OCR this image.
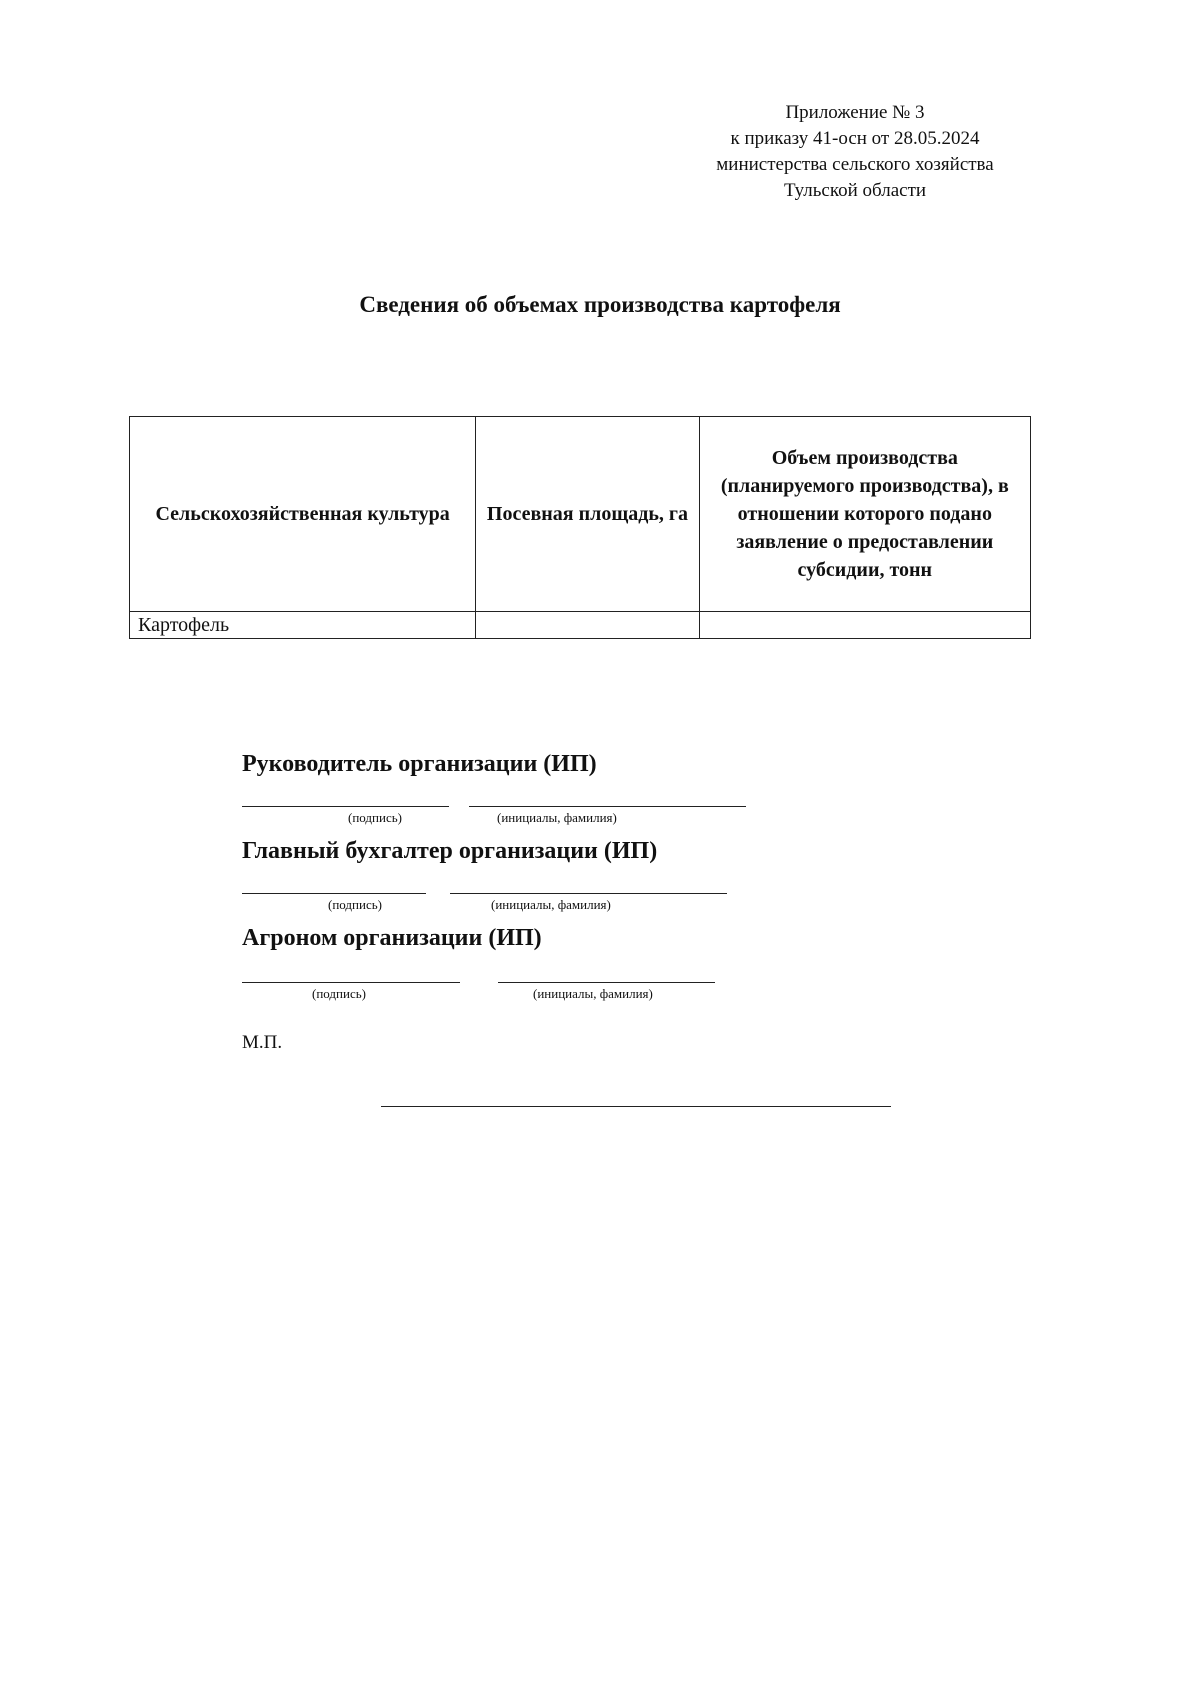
Приложение № 3
к приказу 41-осн от 28.05.2024
министерства сельского хозяйства
Тульской области
Сведения об объемах производства картофеля
Сельскохозяйственная культура	Посевная площадь, га	Объем производства (планируемого производства), в отношении которого подано заявление о предоставлении субсидии, тонн
Картофель		
Руководитель организации (ИП)
(подпись)	(инициалы, фамилия)
Главный бухгалтер организации (ИП)
(подпись)	(инициалы, фамилия)
Агроном организации (ИП)
(подпись)	(инициалы, фамилия)
М.П.
